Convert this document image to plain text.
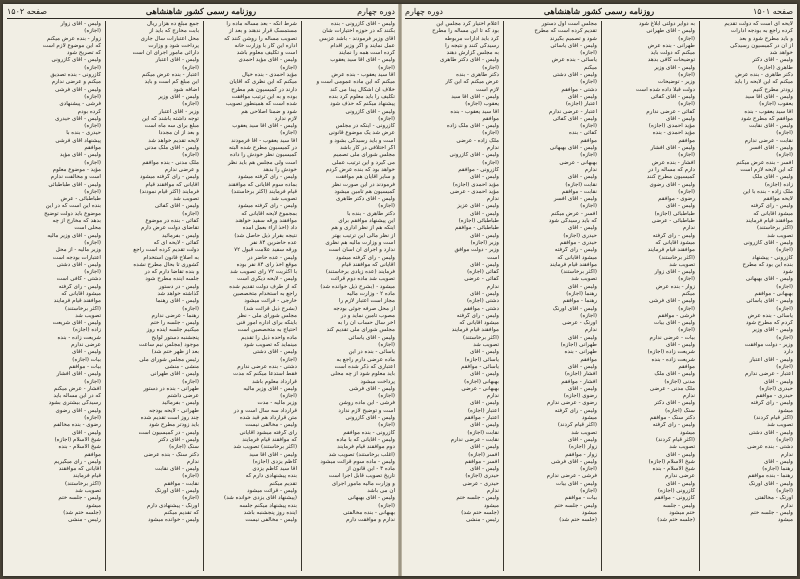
دوره چهارم
روزنامه رسمی کشور شاهنشاهی
صفحه ۱۵۰۲
ولیس - آقای کازرونی - بنده
بکنند که در حوزه اختیارات شان
آقای وزیر فرمودند - باشد عزبس
عمل نمایند و اگر وزیر اقدام
کرده است همه را نمایند
ولیس - آقای آقا سید یعقوب
(اجازه)
آقا سید یعقوب - بنده عرض
میکنم که این ماده عمومی است و
خلاف آن اشکال پیدا می کند
تکلیف را باید معلوم کرد بنده
پیشنهاد میکنم که حذف شود
ولیس - آقای کازرونی
(اجازه)
کازرونی - اینکه در مجلس
عرض شد یک موضوع قانونی
است و باید رسیدگی بشود و
اگر اختلافی در کار باشد
مجلس شورای ملی تصمیم
می گیرد و این ترتیب عملی
خواهد بود که بنده عرض کردم
و سایر آقایان هم موافقت
فرمودند در این صورت نظر
کمیسیون هم تأمین میشود
ولیس - آقای دکتر طاهری
(اجازه)
دکتر طاهری - بنده با
این پیشنهاد موافقم برای
اینکه هم از نظر اداری و هم
از نظر مالی این ترتیب بهتر
است و وزارت مالیه هم نظری
ندارد و اجرای آن آسان است
ولیس - رأی گرفته میشود
آقایانی که موافقند قیام
فرمایند (عده زیادی برخاستند)
تصویب شد ماده دوم قرائت
میشود - (بشرح ذیل خوانده شد)
ماده ۲ - وزارت مالیه
مجاز است اعتبار لازم را
از محل صرفه جوئی بودجه
مصوب تأمین نماید و در
آخر سال حساب آن را به
مجلس شورای ملی تقدیم کند
ولیس - آقای یاسائی
(اجازه)
یاسائی - بنده در این
ماده عرضی دارم راجع به
اعتباری که ذکر شده است
باید معلوم شود از چه محلی
پرداخت میشود
ولیس - آقای فرشی
(اجازه)
فرشی - این ماده روشن
است و توضیح لازم ندارد
ولیس - آقای کازرونی
(اجازه)
کازرونی - بنده موافقم
ولیس - آقایانی که با ماده
دوم موافقند قیام فرمایند
(اغلب برخاستند) تصویب شد
ولیس - ماده سوم قرائت میشود
ماده ۳ - این قانون از
تاریخ تصویب قابل اجرا است
و وزارت مالیه مأمور اجرای
آن می باشد
ولیس - آقای بهبهانی
(اجازه)
بهبهانی - بنده مخالفتی
ندارم و موافقت دارم
شرط آنکه - بعد مسأله ماده را
مستمسک قرار ندهند و بعد از
تصویب مسأله را روشن کنند که
اداره این کار با وزارت خانه
است و تکلیف معلوم باشد
ولیس - آقای مؤید احمدی
(اجازه)
مؤید احمدی - بنده خیال
میکنم که این نظری که آقایان
دارند در کمیسیون هم مطرح
بوده و به این ترتیب موافقت
شده است که همینطور تصویب
شود و ضمناً اصلاحی هم
لازم ندارد
ولیس - آقای آقا سید یعقوب
(اجازه)
آقا سید یعقوب - آقا فرمودند
در کمیسیون مطرح شده البته
کمیسیون نظر خودش را داده
است ولی مجلس هم باید نظر
خودش را بدهد
ولیس - رأی گرفته میشود
بماده سوم آقایانی که موافقند
قیام فرمایند (اکثر برخاستند)
تصویب شد
ولیس - رأی گرفته میشود
بمجموع لایحه آقایانی که
موافقند ورقه سفید خواهند
داد (اخذ آراء بعمل آمده
نتیجه بقرار ذیل حاصل شد)
عده حاضرین ۸۴ نفر
ورقه سفید علامت قبول ۷۲
ولیس - عده حاضر در
موقع اخذ رأی ۸۴ نفر بوده
با اکثریت ۷۲ رأی تصویب شد
ولیس - لایحه دیگری است
که از طرف دولت تقدیم شده
راجع به استخدام متخصصین
خارجی - قرائت میشود
(بشرح ذیل قرائت شد)
مجلس شورای ملی - نظر
باینکه برای اداره امور فنی
احتیاج به متخصصین است
ماده واحده ذیل را تقدیم
مینماید که تصویب شود
ولیس - آقای دشتی
(اجازه)
دشتی - بنده عرضی ندارم
فقط استدعا میکنم که مدت
قرارداد معلوم باشد
ولیس - آقای وزیر مالیه
(اجازه)
وزیر مالیه - مدت
قرارداد سه سال است و در
متن قرارداد هم قید شده
ولیس - مخالفی نیست
رأی گرفته میشود آقایانی
که موافقند قیام فرمایند
(اکثر برخاستند) تصویب شد
ولیس - آقای آقا سید
کاظم یزدی (اجازه)
آقا سید کاظم یزدی
بنده پیشنهادی دارم که
تقدیم میکنم
ولیس - قرائت میشود
(پیشنهاد آقای یزدی خوانده شد)
بنده پیشنهاد میکنم جلسه
آینده روز پنجشنبه باشد
ولیس - مخالفی نیست
جمع مبلغ ده هزار ریال
بابت مخارج که باید از
محل اعتبارات سال جاری
پرداخت شود و وزارت
دارائی مأمور اجرای آن است
ولیس - آقای اعتبار
(اجازه)
اعتبار - بنده عرض میکنم
این مبلغ کم است و باید
اضافه شود
ولیس - آقای وزیر
(اجازه)
وزیر - آقای اعتبار
توجه داشته باشند که این
مبلغ برای سه ماه است
و بعد از آن مجدداً
لایحه تقدیم خواهد شد
ولیس - آقای ملک مدنی
(اجازه)
ملک مدنی - بنده موافقم
و عرضی ندارم
ولیس - رأی گرفته میشود
آقایانی که موافقند قیام
فرمایند (اکثر قیام نمودند)
تصویب شد
ولیس - آقای کفائی
(اجازه)
کفائی - بنده در موضوع
تقاضای دولت عرض دارم
ولیس - بفرمائید
کفائی - لایحه ای که
دولت تقدیم کرده است راجع
به اصلاح قانون استخدام
کشوری تا بحال مطرح نشده
و بنده تقاضا دارم که در
جلسه آینده مطرح شود
ولیس - در دستور
گذاشته خواهد شد
ولیس - آقای رهنما
(اجازه)
رهنما - عرضی ندارم
ولیس - جلسه را ختم
میکنیم جلسه آینده روز
پنجشنبه دستور لوایح
موجود (مجلس نیم ساعت
بعد از ظهر ختم شد)
رئیس مجلس شورای ملی
منشی - منشی
ولیس - آقای طهرانی
(اجازه)
طهرانی - بنده در دستور
عرضی داشتم
ولیس - بفرمائید
طهرانی - لایحه بودجه
چند روز است تقدیم شده
باید زودتر مطرح شود
ولیس - در کمیسیون است
ولیس - آقای دکتر
سنگ (اجازه)
دکتر سنگ - بنده عرضی
ندارم
ولیس - آقای نقابت
(اجازه)
نقابت - موافقم
ولیس - آقای اورنگ
(اجازه)
اورنگ - پیشنهادی دارم
که تقدیم میکنم
ولیس - خوانده میشود
ولیس - آقای زوار
(اجازه)
زوار - بنده عرض میکنم
که این موضوع لازم است
که تصریح شود
ولیس - آقای کازرونی
(اجازه)
کازرونی - بنده تصدیق
میکنم و عرضی ندارم
ولیس - آقای فرشی
(اجازه)
فرشی - پیشنهادی
کرده بودم
ولیس - آقای حیدری
(اجازه)
حیدری - بنده با
پیشنهاد آقای فرشی
موافقم
ولیس - آقای مؤید
(اجازه)
مؤید - موضوع معلوم
است و مخالفت ندارم
ولیس - آقای طباطبائی
(اجازه)
طباطبائی - عرض
بنده این است که در این
موضوع باید دولت توضیح
بدهد که مخارج از چه
محلی است
ولیس - آقای وزیر مالیه
(اجازه)
وزیر مالیه - از محل
اعتبارات بودجه است
ولیس - آقای دشتی
(اجازه)
دشتی - کافی است
ولیس - رأی گرفته
میشود آقایانی که
موافقند قیام فرمایند
(اکثر برخاستند)
تصویب شد
ولیس - آقای شریعت
زاده (اجازه)
شریعت زاده - بنده
عرضی ندارم
ولیس - آقای
بیات (اجازه)
بیات - موافقم
ولیس - آقای افشار
(اجازه)
افشار - عرض میکنم
که در این مسأله باید
رسیدگی بیشتری بشود
ولیس - آقای رضوی
(اجازه)
رضوی - بنده مخالفم
ولیس - آقای
شیخ الاسلام (اجازه)
شیخ الاسلام - بنده
موافقم
ولیس - رأی میگیریم
آقایانی که موافقند
قیام فرمایند
(اکثر برخاستند)
تصویب شد
ولیس - جلسه ختم
میشود
(جلسه ختم شد)
رئیس - منشی
صفحه ۱۵۰۱
روزنامه رسمی کشور شاهنشاهی
دوره چهارم
لایحه ای است که دولت تقدیم
کرده راجع به بودجه ادارات
و باید مطرح شود و بعد
از آن در کمیسیون رسیدگی
خواهد شد
ولیس - آقای دکتر
طاهری (اجازه)
دکتر طاهری - بنده عرض
میکنم که این لایحه را باید
زودتر مطرح کنیم
ولیس - آقای آقا سید
یعقوب (اجازه)
آقا سید یعقوب - بنده
موافقم که مطرح شود
ولیس - آقای نقابت
(اجازه)
نقابت - عرضی ندارم
ولیس - آقای افسر
(اجازه)
افسر - بنده عرض میکنم
که این لایحه لازم است
ولیس - آقای ملک
زاده (اجازه)
ملک زاده - بنده با این
لایحه موافقم
ولیس - رأی گرفته
میشود آقایانی که
موافقند قیام فرمایند
(اکثر برخاستند)
تصویب شد
ولیس - آقای کازرونی
(اجازه)
کازرونی - پیشنهاد
بنده این بود که مطرح
شود
ولیس - آقای بهبهانی
(اجازه)
بهبهانی - موافقم
ولیس - آقای یاسائی
(اجازه)
یاسائی - بنده عرض
کردم که مطرح شود
ولیس - آقای وزیر
(اجازه)
وزیر - دولت موافقت
دارد
ولیس - آقای اعتبار
(اجازه)
اعتبار - عرضی ندارم
ولیس - آقای
حیدری (اجازه)
حیدری - موافقم
ولیس - رأی گرفته
میشود
(اکثر قیام کردند)
تصویب شد
ولیس - آقای دشتی
(اجازه)
دشتی - بنده عرضی
ندارم
ولیس - آقای
رهنما (اجازه)
رهنما - بنده موافقم
ولیس - آقای اورنگ
(اجازه)
اورنگ - مخالفتی
ندارم
ولیس - جلسه ختم
میشود
به دوایر دولتی ابلاغ شود
ولیس - آقای طهرانی
(اجازه)
طهرانی - بنده عرض
میکنم که دولت باید
توضیحات کافی بدهد
ولیس - آقای وزیر
(اجازه)
وزیر - توضیحات
دولت قبلاً داده شده است
ولیس - آقای کفائی
(اجازه)
کفائی - عرضی ندارم
ولیس - آقای
مؤید احمدی (اجازه)
مؤید احمدی - بنده
موافقم
ولیس - آقای افشار
(اجازه)
افشار - بنده عرض
دارم که مسأله را در
کمیسیون مطرح کنند
ولیس - آقای رضوی
(اجازه)
رضوی - موافقم
ولیس - آقای
طباطبائی (اجازه)
طباطبائی - عرضی
ندارم
ولیس - رأی گرفته
میشود آقایانی که
موافقند قیام فرمایند
(اکثر برخاستند)
تصویب شد
ولیس - آقای زوار
(اجازه)
زوار - بنده عرض
میکنم
ولیس - آقای فرشی
(اجازه)
فرشی - موافقم
ولیس - آقای بیات
(اجازه)
بیات - عرضی ندارم
ولیس - آقای
شریعت زاده (اجازه)
شریعت زاده - بنده
موافقم
ولیس - آقای ملک
مدنی (اجازه)
ملک مدنی - عرضی
ندارم
ولیس - آقای دکتر
سنگ (اجازه)
دکتر سنگ - موافقم
ولیس - رأی گرفته
میشود
(اکثر قیام کردند)
تصویب شد
ولیس - آقای
شیخ الاسلام (اجازه)
شیخ الاسلام - بنده
عرضی ندارم
ولیس - آقای
کازرونی (اجازه)
کازرونی - موافقم
ولیس - جلسه
ختم میشود
(جلسه ختم شد)
مجلس است اول دستور
تقدیم کرده است که مطرح
شود و تصمیم بگیرند
ولیس - آقای یاسائی
(اجازه)
یاسائی - بنده عرض
میکنم
ولیس - آقای دشتی
(اجازه)
دشتی - موافقم
ولیس - آقای
اعتبار (اجازه)
اعتبار - عرضی ندارم
ولیس - آقای کفائی
(اجازه)
کفائی - بنده
موافقم
ولیس - آقای بهبهانی
(اجازه)
بهبهانی - عرضی
ندارم
ولیس - آقای
نقابت (اجازه)
نقابت - موافقم
ولیس - آقای افسر
(اجازه)
افسر - عرض میکنم
که باید رسیدگی شود
ولیس - آقای
حیدری (اجازه)
حیدری - موافقم
ولیس - رأی گرفته
میشود آقایانی که
موافقند قیام فرمایند
(اکثر برخاستند)
تصویب شد
ولیس - آقای
رهنما (اجازه)
رهنما - موافقم
ولیس - آقای اورنگ
(اجازه)
اورنگ - عرضی
ندارم
ولیس - آقای
طهرانی (اجازه)
طهرانی - بنده
موافقم
ولیس - آقای
افشار (اجازه)
افشار - موافقم
ولیس - آقای
رضوی (اجازه)
رضوی - عرضی ندارم
ولیس - رأی گرفته
میشود
(اکثر قیام کردند)
تصویب شد
ولیس - آقای
زوار (اجازه)
زوار - موافقم
ولیس - آقای فرشی
(اجازه)
فرشی - عرضی ندارم
ولیس - آقای بیات
(اجازه)
بیات - موافقم
ولیس - جلسه ختم
میشود
(جلسه ختم شد)
اعلام اختیار کرد مجلس این
بود که تا این مسأله را مطرح
کرد باید ادارات مربوطه
رسیدگی کنند و نتیجه را
به مجلس گزارش دهند
ولیس - آقای دکتر طاهری
(اجازه)
دکتر طاهری - بنده
عرض میکنم که این کار
لازم است
ولیس - آقای آقا سید
یعقوب (اجازه)
آقا سید یعقوب - بنده
موافقم
ولیس - آقای ملک زاده
(اجازه)
ملک زاده - عرضی
ندارم
ولیس - آقای کازرونی
(اجازه)
کازرونی - موافقم
ولیس - آقای
مؤید احمدی (اجازه)
مؤید احمدی - عرضی
ندارم
ولیس - آقای عزیز
ولیس - آقای
طباطبائی (اجازه)
طباطبائی - موافقم
ولیس - آقای
وزیر (اجازه)
وزیر - دولت موافق
است
ولیس - آقای
کفائی (اجازه)
کفائی - عرضی
ندارم
ولیس - آقای
دشتی (اجازه)
دشتی - موافقم
ولیس - رأی گرفته
میشود آقایانی که
موافقند قیام فرمایند
(اکثر برخاستند)
تصویب شد
ولیس - آقای
یاسائی (اجازه)
یاسائی - موافقم
ولیس - آقای
بهبهانی (اجازه)
بهبهانی - عرضی
ندارم
ولیس - آقای
اعتبار (اجازه)
اعتبار - موافقم
ولیس - آقای
نقابت (اجازه)
نقابت - عرضی ندارم
ولیس - آقای
افسر (اجازه)
افسر - موافقم
ولیس - آقای
حیدری (اجازه)
حیدری - عرضی
ندارم
ولیس - جلسه ختم
میشود
(جلسه ختم شد)
رئیس - منشی
